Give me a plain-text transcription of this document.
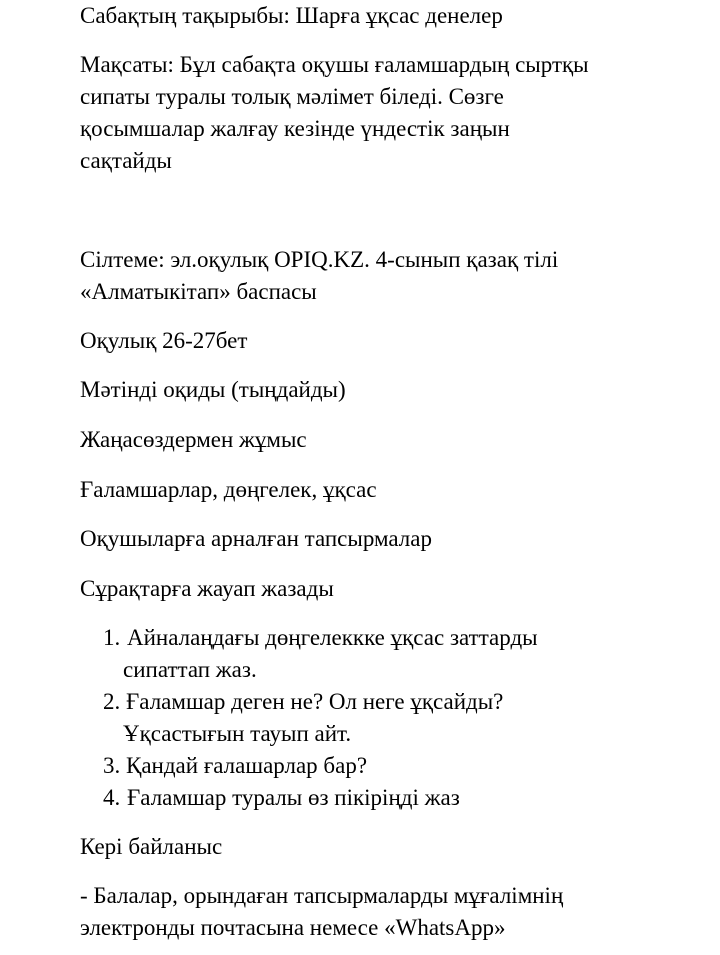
Сабақтың тақырыбы: Шарға ұқсас денелер
Мақсаты: Бұл сабақта оқушы ғаламшардың сыртқы
сипаты туралы толық мәлімет біледі. Сөзге
қосымшалар жалғау кезінде үндестік заңын
сақтайды
Сілтеме: эл.оқулық OPIQ.KZ. 4-сынып қазақ тілі
«Алматыкітап» баспасы
Оқулық 26-27бет
Мәтінді оқиды (тыңдайды)
Жаңасөздермен жұмыс
Ғаламшарлар, дөңгелек, ұқсас
Оқушыларға арналған тапсырмалар
Сұрақтарға жауап жазады
1. Айналаңдағы дөңгелеккке ұқсас заттарды
сипаттап жаз.
2. Ғаламшар деген не? Ол неге ұқсайды?
Ұқсастығын тауып айт.
3. Қандай ғалашарлар бар?
4. Ғаламшар туралы өз пікіріңді жаз
Кері байланыс
- Балалар, орындаған тапсырмаларды мұғалімнің
электронды почтасына немесе «WhatsApp»
